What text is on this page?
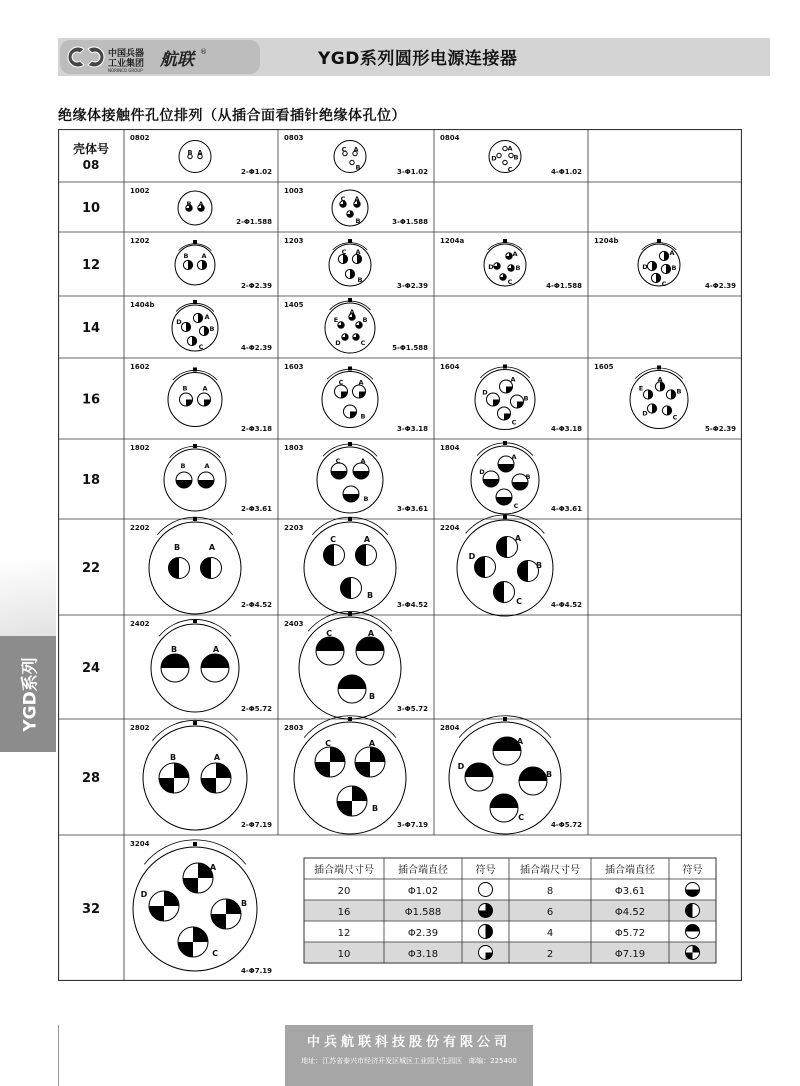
中国兵器
工业集团
NORINCO GROUP
航联 ®	YGD系列圆形电源连接器
绝缘体接触件孔位排列（从插合面看插针绝缘体孔位）
YGD系列
壳体号
08
0802
2-Φ1.02
B A
0803
3-Φ1.02
C A
B
0804
4-Φ1.02
A
D	B
C
10
1002
2-Φ1.588
B A
1003
3-Φ1.588
C A
B
12
1202
2-Φ2.39
B A
1203
3-Φ2.39
C A
B
1204a
4-Φ1.588
A
D	B
C
1204b
4-Φ2.39
A
D	B
C
14
1404b
4-Φ2.39
A
D
B
C
1405
5-Φ1.588
A
E	B
D	C
16
1602
2-Φ3.18
B A
1603
3-Φ3.18
C A
B
1604
4-Φ3.18
A
D
B
C
1605
5-Φ2.39
A
E	B
D	C
18
1802
2-Φ3.61
B	A
1803
3-Φ3.61
C	A
B
1804
4-Φ3.61
A
D
B
C
22
2202
2-Φ4.52
B	A
2203
3-Φ4.52
C	A
B
2204
4-Φ4.52
A
D
B
C
24
2402
2-Φ5.72
B	A
2403
3-Φ5.72
C	A
B
28
2802
2-Φ7.19
B	A
2803
3-Φ7.19
C	A
B
2804
4-Φ5.72
A
D
B
C
32
3204
4-Φ7.19
A
D
B
C
插合端尺寸号 插合端直径	符号 插合端尺寸号	插合端直径	符号
20	Φ1.02	8	Φ3.61
16	Φ1.588	6	Φ4.52
12	Φ2.39	4	Φ5.72
10	Φ3.18	2	Φ7.19
中兵航联科技股份有限公司
地址：江苏省泰兴市经济开发区城区工业园大生园区　邮编：225400
